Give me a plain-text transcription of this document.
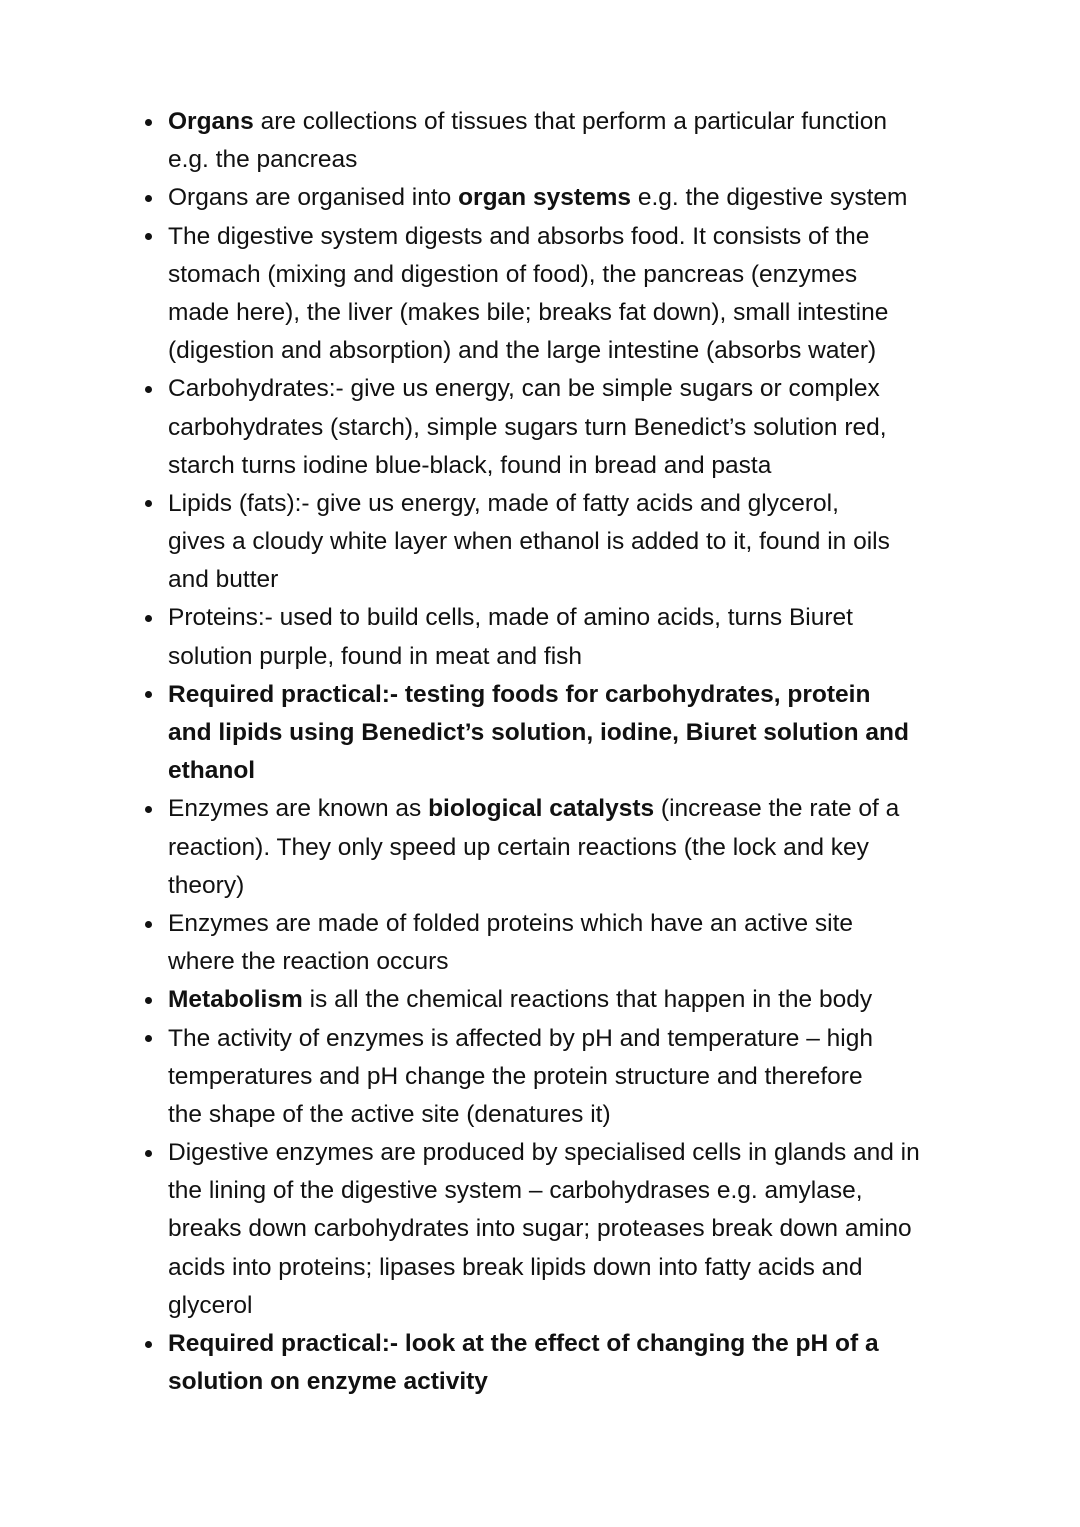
Organs are collections of tissues that perform a particular function
e.g. the pancreas
Organs are organised into organ systems e.g. the digestive system
The digestive system digests and absorbs food. It consists of the
stomach (mixing and digestion of food), the pancreas (enzymes
made here), the liver (makes bile; breaks fat down), small intestine
(digestion and absorption) and the large intestine (absorbs water)
Carbohydrates:- give us energy, can be simple sugars or complex
carbohydrates (starch), simple sugars turn Benedict’s solution red,
starch turns iodine blue-black, found in bread and pasta
Lipids (fats):- give us energy, made of fatty acids and glycerol,
gives a cloudy white layer when ethanol is added to it, found in oils
and butter
Proteins:- used to build cells, made of amino acids, turns Biuret
solution purple, found in meat and fish
Required practical:- testing foods for carbohydrates, protein
and lipids using Benedict’s solution, iodine, Biuret solution and
ethanol
Enzymes are known as biological catalysts (increase the rate of a
reaction). They only speed up certain reactions (the lock and key
theory)
Enzymes are made of folded proteins which have an active site
where the reaction occurs
Metabolism is all the chemical reactions that happen in the body
The activity of enzymes is affected by pH and temperature – high
temperatures and pH change the protein structure and therefore
the shape of the active site (denatures it)
Digestive enzymes are produced by specialised cells in glands and in
the lining of the digestive system – carbohydrases e.g. amylase,
breaks down carbohydrates into sugar; proteases break down amino
acids into proteins; lipases break lipids down into fatty acids and
glycerol
Required practical:- look at the effect of changing the pH of a
solution on enzyme activity
